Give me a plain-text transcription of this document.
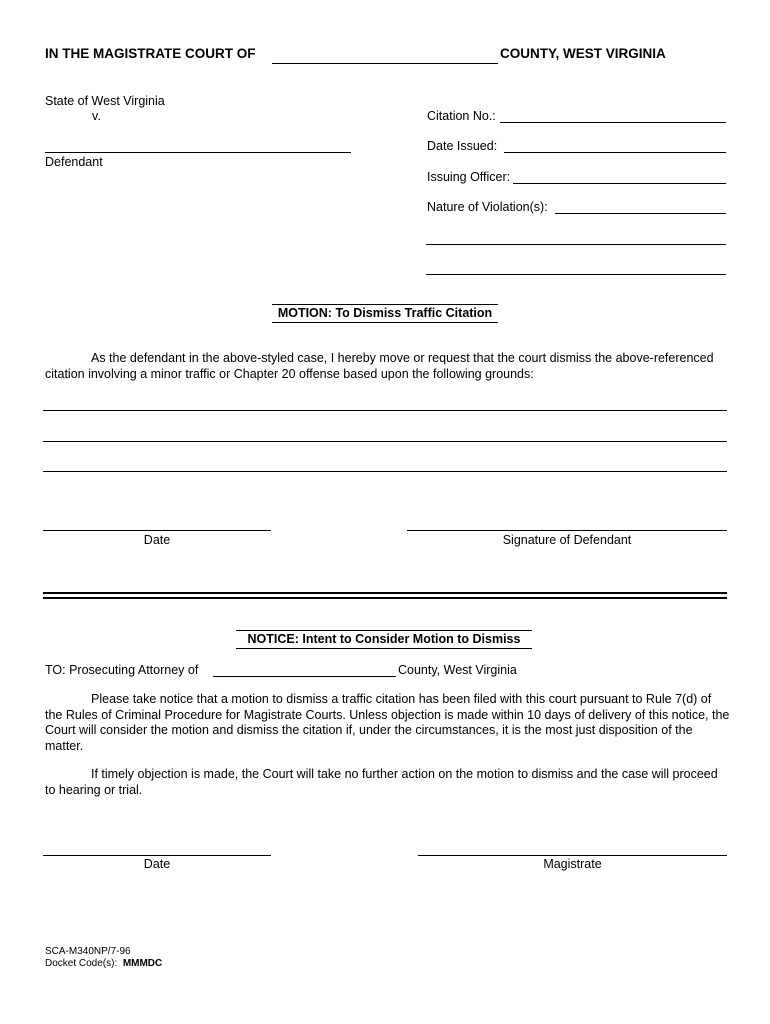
IN THE MAGISTRATE COURT OF	COUNTY, WEST VIRGINIA
State of West Virginia
v.
Defendant
Citation No.:
Date Issued:
Issuing Officer:
Nature of Violation(s):
MOTION: To Dismiss Traffic Citation
As the defendant in the above-styled case, I hereby move or request that the court dismiss the above-referenced citation involving a minor traffic or Chapter 20 offense based upon the following grounds:
Date	Signature of Defendant
NOTICE: Intent to Consider Motion to Dismiss
TO: Prosecuting Attorney of	County, West Virginia
Please take notice that a motion to dismiss a traffic citation has been filed with this court pursuant to Rule 7(d) of the Rules of Criminal Procedure for Magistrate Courts. Unless objection is made within 10 days of delivery of this notice, the Court will consider the motion and dismiss the citation if, under the circumstances, it is the most just disposition of the matter.
If timely objection is made, the Court will take no further action on the motion to dismiss and the case will proceed to hearing or trial.
Date	Magistrate
SCA-M340NP/7-96
Docket Code(s): MMMDC
